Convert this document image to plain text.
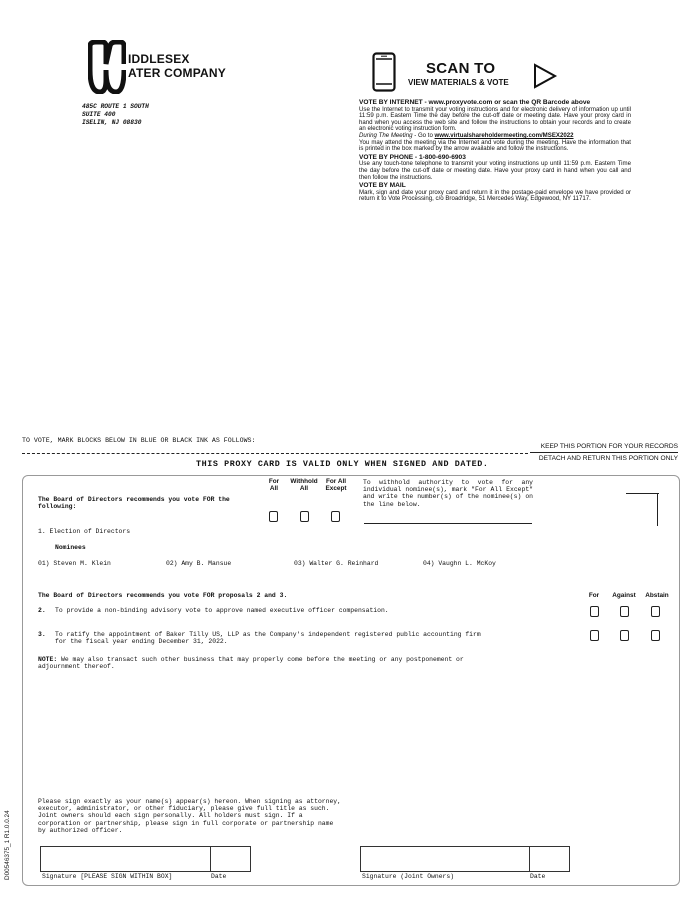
IDDLESEX
ATER COMPANY
485C ROUTE 1 SOUTH
SUITE 400
ISELIN, NJ 08830
SCAN TO
VIEW MATERIALS & VOTE

VOTE BY INTERNET - www.proxyvote.com or scan the QR Barcode above

Use the Internet to transmit your voting instructions and for electronic delivery of information up until 11:59 p.m. Eastern Time the day before the cut-off date or meeting date. Have your proxy card in hand when you access the web site and follow the instructions to obtain your records and to create an electronic voting instruction form.

During The Meeting - Go to www.virtualshareholdermeeting.com/MSEX2022

You may attend the meeting via the Internet and vote during the meeting. Have the information that is printed in the box marked by the arrow available and follow the instructions.

VOTE BY PHONE - 1-800-690-6903

Use any touch-tone telephone to transmit your voting instructions up until 11:59 p.m. Eastern Time the day before the cut-off date or meeting date. Have your proxy card in hand when you call and then follow the instructions.

VOTE BY MAIL

Mark, sign and date your proxy card and return it in the postage-paid envelope we have provided or return it to Vote Processing, c/o Broadridge, 51 Mercedes Way, Edgewood, NY 11717.

TO VOTE, MARK BLOCKS BELOW IN BLUE OR BLACK INK AS FOLLOWS:
KEEP THIS PORTION FOR YOUR RECORDS
DETACH AND RETURN THIS PORTION ONLY
THIS PROXY CARD IS VALID ONLY WHEN SIGNED AND DATED.
The Board of Directors recommends you vote FOR the following:
For
All
Withhold
All
For All
Except
To withhold authority to vote for any individual nominee(s), mark "For All Except" and write the number(s) of the nominee(s) on the line below.
1. Election of Directors
Nominees
01) Steven M. Klein	02) Amy B. Mansue	03) Walter G. Reinhard	04) Vaughn L. McKoy
The Board of Directors recommends you vote FOR proposals 2 and 3.	For	Against	Abstain
2. To provide a non-binding advisory vote to approve named executive officer compensation.
3. To ratify the appointment of Baker Tilly US, LLP as the Company's independent registered public accounting firm for the fiscal year ending December 31, 2022.
NOTE: We may also transact such other business that may properly come before the meeting or any postponement or adjournment thereof.
Please sign exactly as your name(s) appear(s) hereon. When signing as attorney, executor, administrator, or other fiduciary, please give full title as such. Joint owners should each sign personally. All holders must sign. If a corporation or partnership, please sign in full corporate or partnership name by authorized officer.
Signature [PLEASE SIGN WITHIN BOX]	Date	Signature (Joint Owners)	Date
D00546375_1 R1.0.0.24
